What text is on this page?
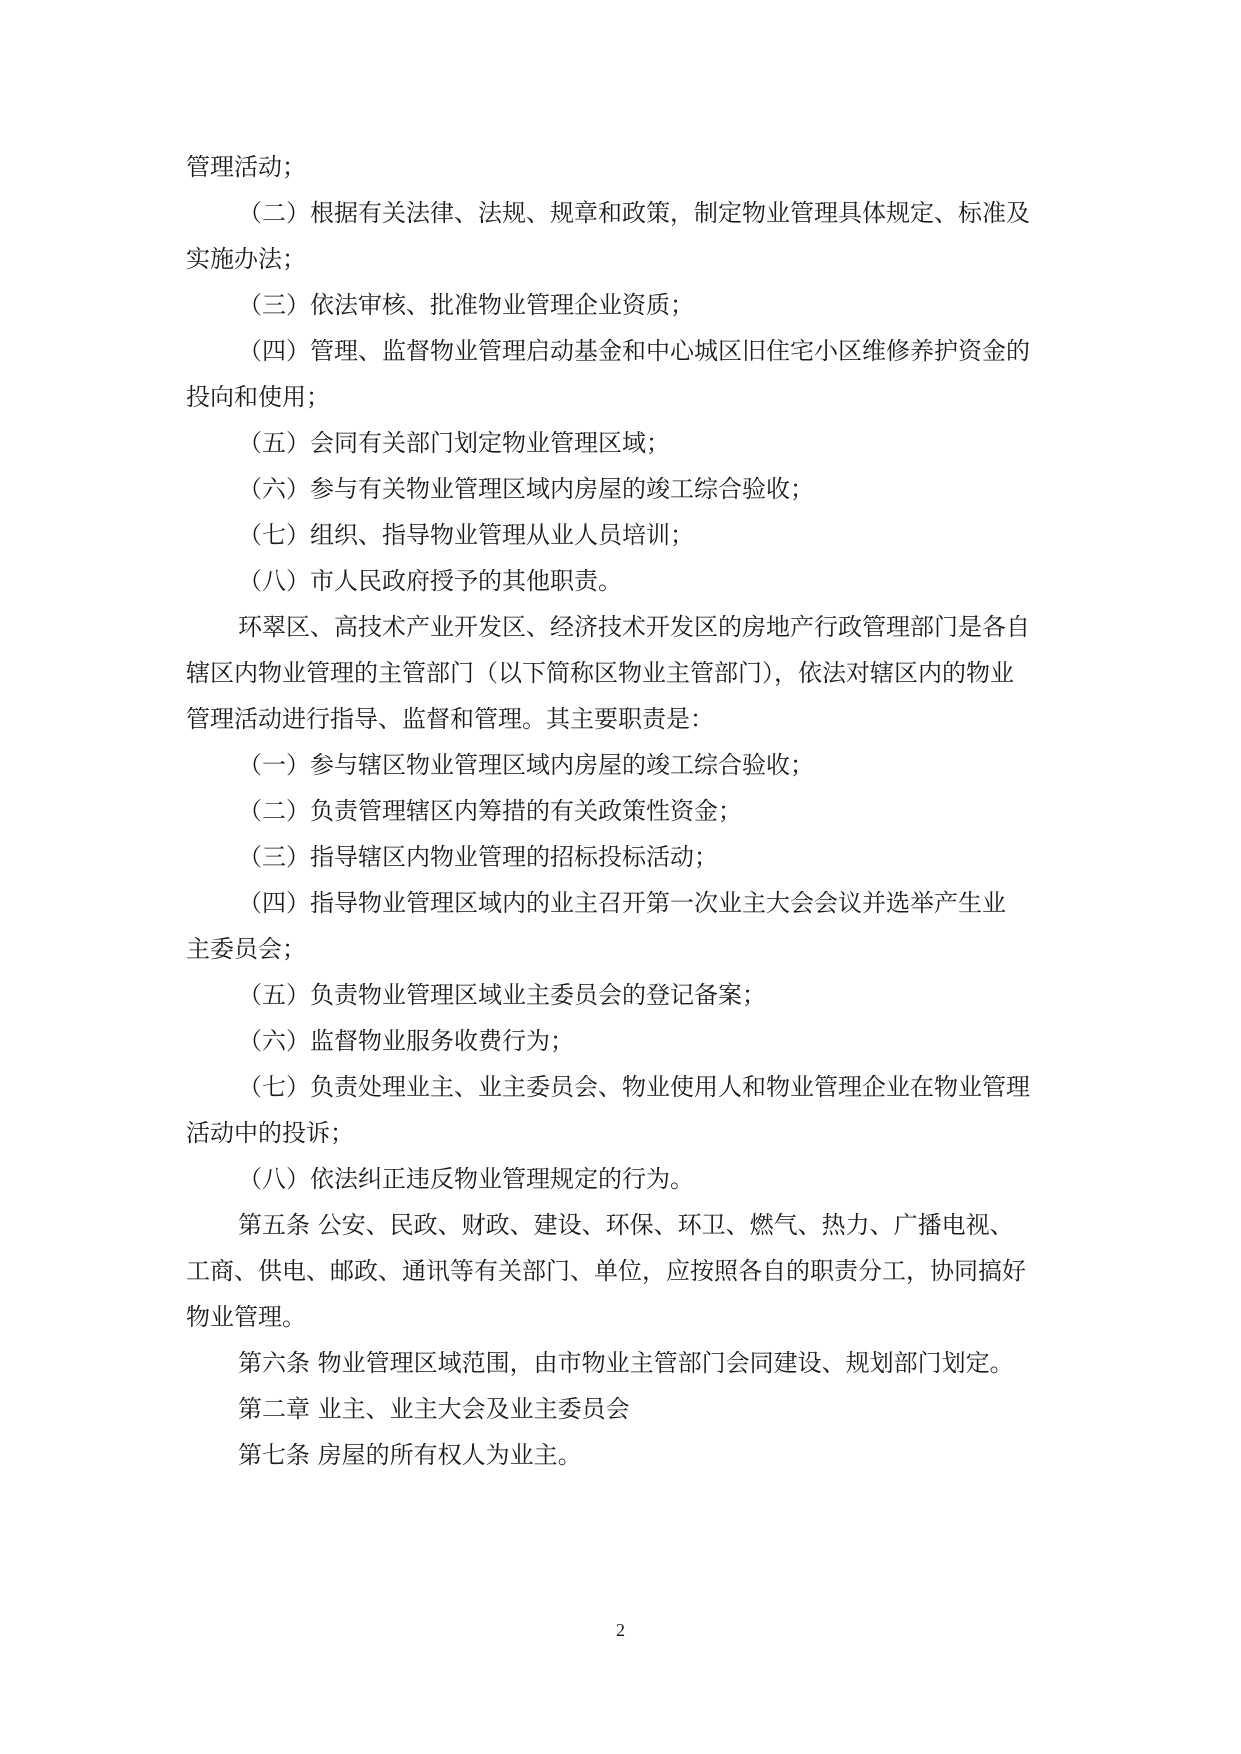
管理活动；
（二）根据有关法律、法规、规章和政策，制定物业管理具体规定、标准及
实施办法；
（三）依法审核、批准物业管理企业资质；
（四）管理、监督物业管理启动基金和中心城区旧住宅小区维修养护资金的
投向和使用；
（五）会同有关部门划定物业管理区域；
（六）参与有关物业管理区域内房屋的竣工综合验收；
（七）组织、指导物业管理从业人员培训；
（八）市人民政府授予的其他职责。
环翠区、高技术产业开发区、经济技术开发区的房地产行政管理部门是各自
辖区内物业管理的主管部门（以下简称区物业主管部门），依法对辖区内的物业
管理活动进行指导、监督和管理。其主要职责是：
（一）参与辖区物业管理区域内房屋的竣工综合验收；
（二）负责管理辖区内筹措的有关政策性资金；
（三）指导辖区内物业管理的招标投标活动；
（四）指导物业管理区域内的业主召开第一次业主大会会议并选举产生业
主委员会；
（五）负责物业管理区域业主委员会的登记备案；
（六）监督物业服务收费行为；
（七）负责处理业主、业主委员会、物业使用人和物业管理企业在物业管理
活动中的投诉；
（八）依法纠正违反物业管理规定的行为。
第五条 公安、民政、财政、建设、环保、环卫、燃气、热力、广播电视、
工商、供电、邮政、通讯等有关部门、单位，应按照各自的职责分工，协同搞好
物业管理。
第六条 物业管理区域范围，由市物业主管部门会同建设、规划部门划定。
第二章 业主、业主大会及业主委员会
第七条 房屋的所有权人为业主。
2
